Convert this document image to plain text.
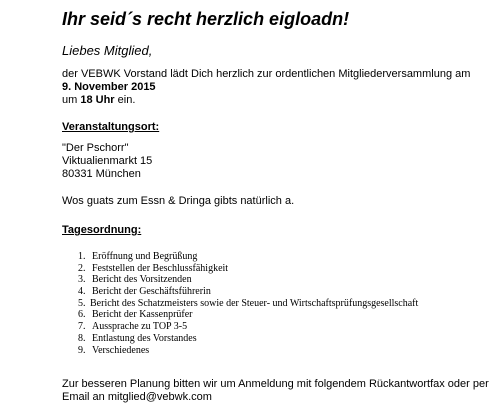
Ihr seid´s recht herzlich eigloadn!
Liebes Mitglied,
der VEBWK Vorstand lädt Dich herzlich zur ordentlichen Mitgliederversammlung am
9. November 2015
um 18 Uhr ein.
Veranstaltungsort:
"Der Pschorr"
Viktualienmarkt 15
80331 München
Wos guats zum Essn & Dringa gibts natürlich a.
Tagesordnung:
1. Eröffnung und Begrüßung
2. Feststellen der Beschlussfähigkeit
3. Bericht des Vorsitzenden
4. Bericht der Geschäftsführerin
5. Bericht des Schatzmeisters sowie der Steuer- und Wirtschaftsprüfungsgesellschaft
6. Bericht der Kassenprüfer
7. Aussprache zu TOP 3-5
8. Entlastung des Vorstandes
9. Verschiedenes
Zur besseren Planung bitten wir um Anmeldung mit folgendem Rückantwortfax oder per
Email an mitglied@vebwk.com
